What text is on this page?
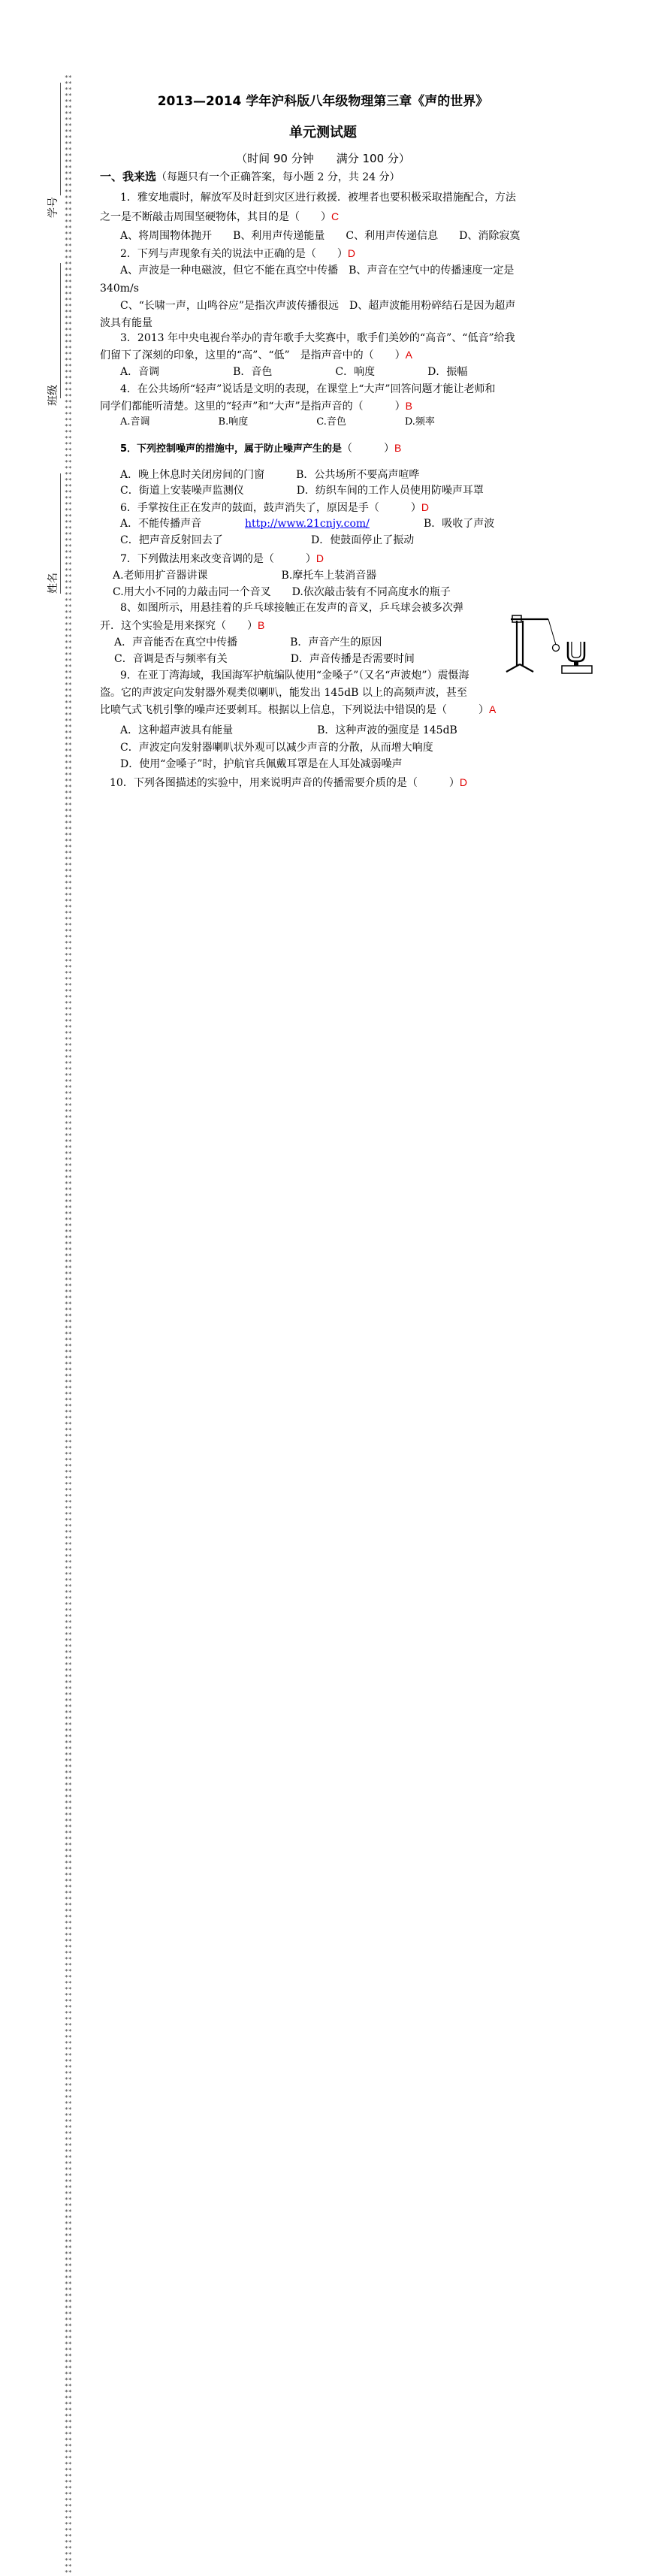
****************************************************************************************************************************************************************************************************************************************************************************************************************************************************************************************************************************************************************************************************************************************************************************************************************************************************************************************************************************************************************************************************************************************************************
学号
班级
姓名
2013—2014 学年沪科版八年级物理第三章《声的世界》
单元测试题
（时间 90 分钟　　满分 100 分）
一、我来选（每题只有一个正确答案，每小题 2 分，共 24 分）
1．雅安地震时，解放军及时赶到灾区进行救援．被埋者也要积极采取措施配合，方法
之一是不断敲击周围坚硬物体，其目的是（　　）C
A、将周围物体抛开　　B、利用声传递能量　　C、利用声传递信息　　D、消除寂寞
2．下列与声现象有关的说法中正确的是（　　）D
A、声波是一种电磁波，但它不能在真空中传播　B、声音在空气中的传播速度一定是
340m/s
C、“长啸一声，山鸣谷应”是指次声波传播很远　D、超声波能用粉碎结石是因为超声
波具有能量
3．2013 年中央电视台举办的青年歌手大奖赛中，歌手们美妙的“高音”、“低音”给我
们留下了深刻的印象，这里的“高”、“低”　是指声音中的（　　）A
A．音调　　　　　　　B．音色　　　　　　C．响度　　　　　D．振幅
4．在公共场所“轻声”说话是文明的表现，在课堂上“大声”回答问题才能让老师和
同学们都能听清楚。这里的“轻声”和“大声”是指声音的（　　　）B
A.音调　　　　　　　B.响度　　　　　　　C.音色　　　　　　D.频率
5．下列控制噪声的措施中，属于防止噪声产生的是（　　　）B
A．晚上休息时关闭房间的门窗　　　B．公共场所不要高声喧哗
C．街道上安装噪声监测仪　　　　　D．纺织车间的工作人员使用防噪声耳罩
6．手掌按住正在发声的鼓面，鼓声消失了，原因是手（　　　）D
A．不能传播声音	http://www.21cnjy.com/	B．吸收了声波
C．把声音反射回去了	D．使鼓面停止了振动
7．下列做法用来改变音调的是（　　　）D
A.老师用扩音器讲课　　　　　　　B.摩托车上装消音器
C.用大小不同的力敲击同一个音叉　　D.依次敲击装有不同高度水的瓶子
8、如图所示，用悬挂着的乒乓球接触正在发声的音叉，乒乓球会被多次弹
开．这个实验是用来探究（　　）B
A．声音能否在真空中传播　　　　　B．声音产生的原因
C．音调是否与频率有关　　　　　　D．声音传播是否需要时间
9．在亚丁湾海域，我国海军护航编队使用“金嗓子”（又名“声波炮”）震慑海
盗。它的声波定向发射器外观类似喇叭，能发出 145dB 以上的高频声波，甚至
比喷气式飞机引擎的噪声还要刺耳。根据以上信息，下列说法中错误的是（　　　）A
A．这种超声波具有能量　　　　　　　　B．这种声波的强度是 145dB
C．声波定向发射器喇叭状外观可以减少声音的分散，从而增大响度
D．使用“金嗓子”时，护航官兵佩戴耳罩是在人耳处减弱噪声
10．下列各图描述的实验中，用来说明声音的传播需要介质的是（　　　）D
